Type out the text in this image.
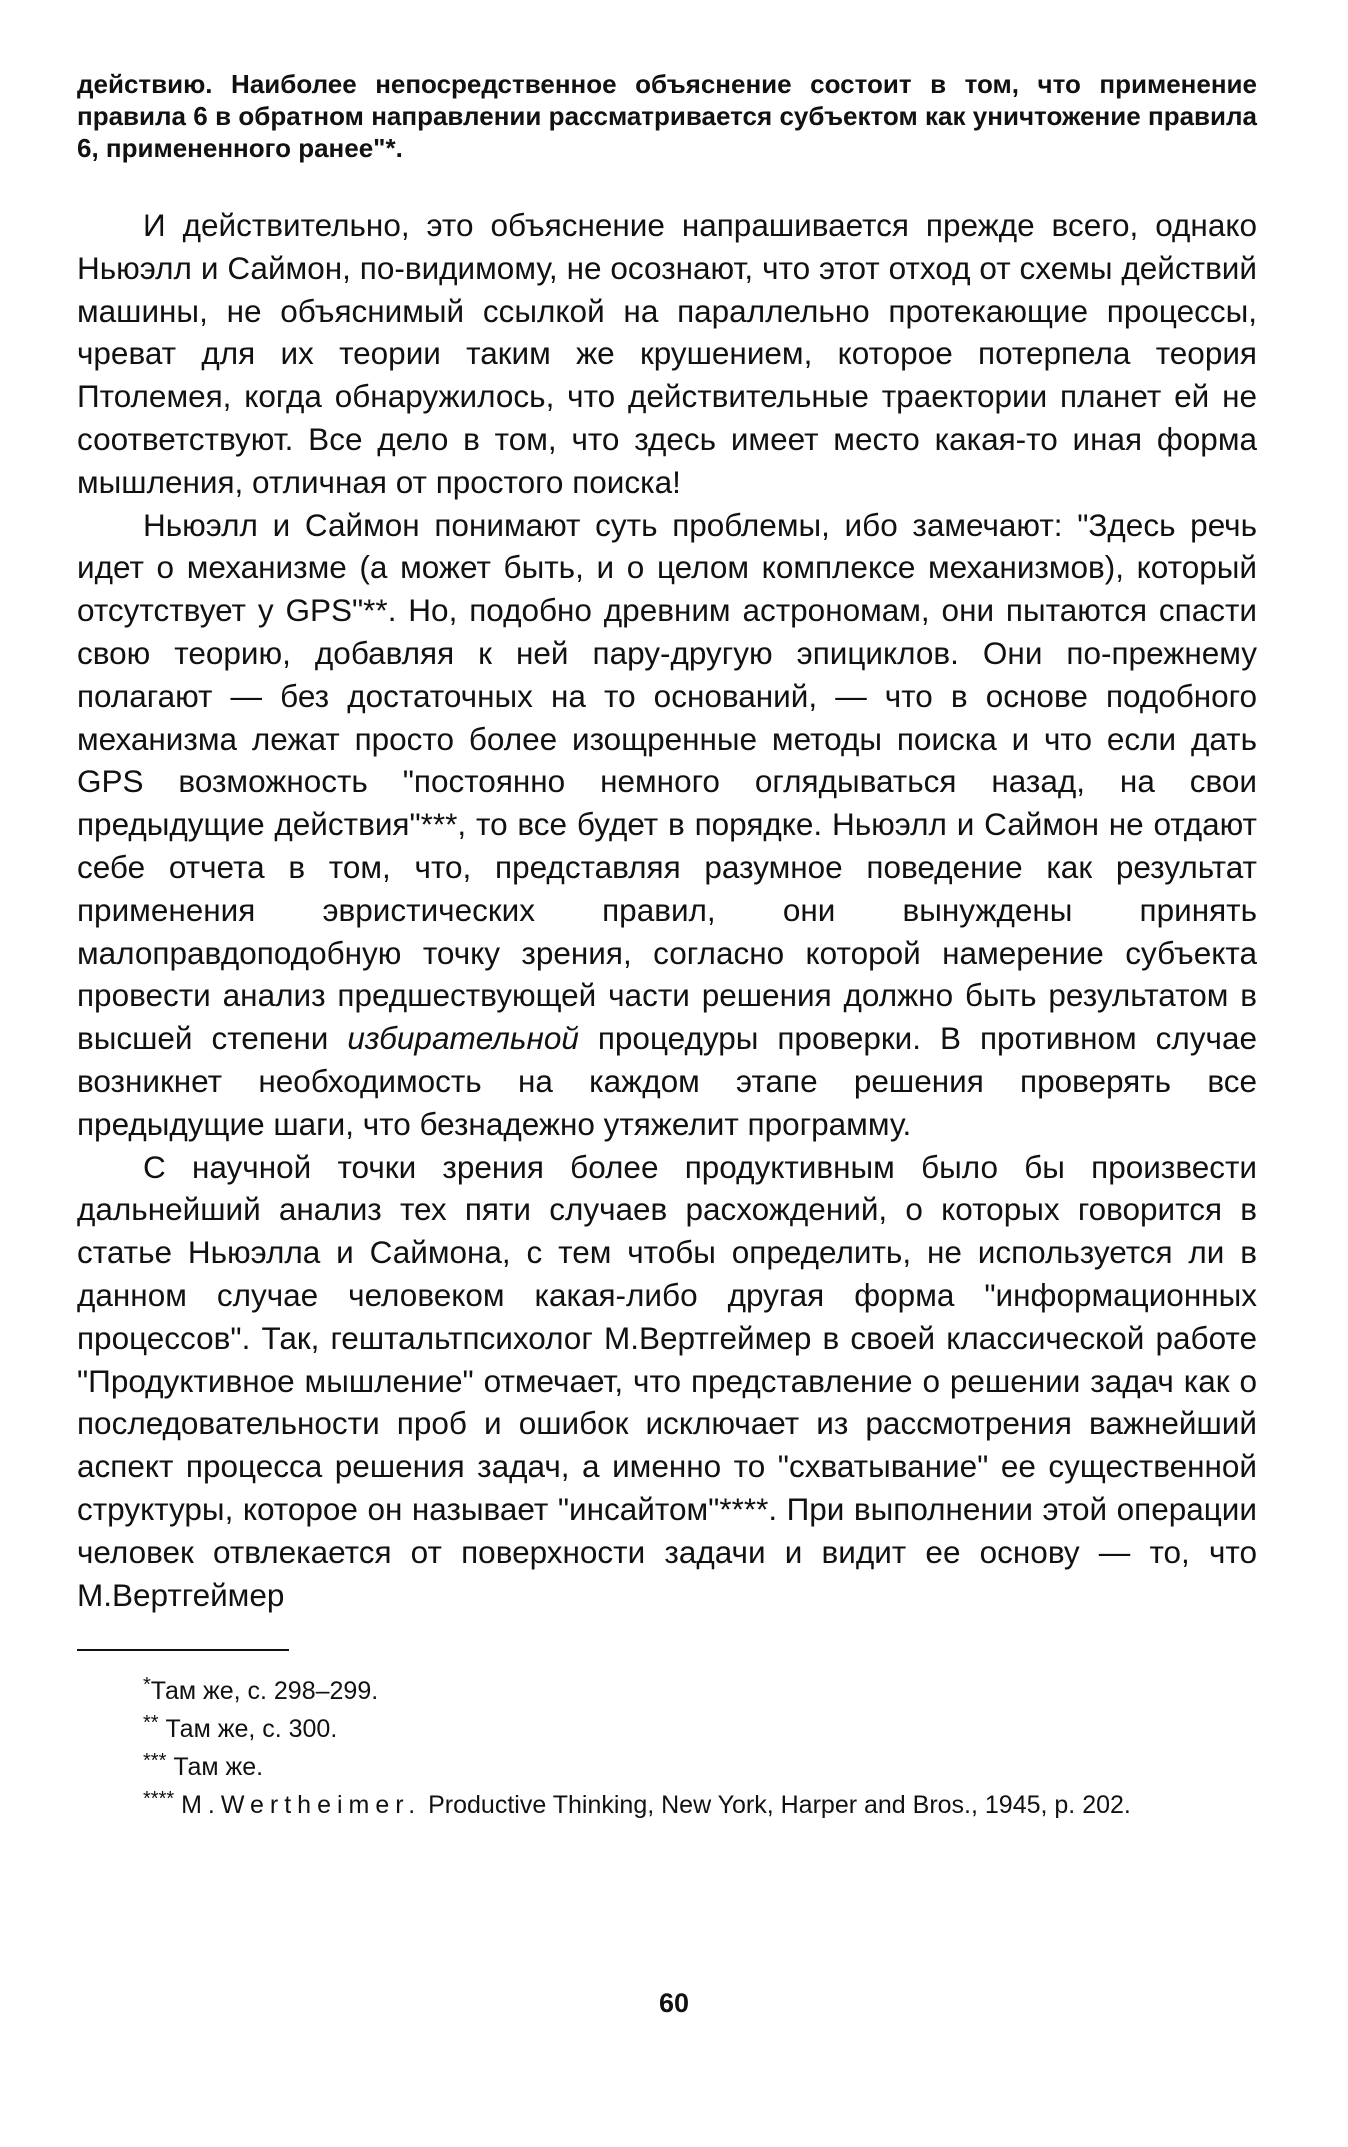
действию. Наиболее непосредственное объяснение состоит в том, что применение правила 6 в обратном направлении рассматривается субъектом как уничтожение правила 6, примененного ранее"*.

И действительно, это объяснение напрашивается прежде всего, однако Ньюэлл и Саймон, по-видимому, не осознают, что этот отход от схемы действий машины, не объяснимый ссылкой на параллельно протекающие процессы, чреват для их теории таким же крушением, которое потерпела теория Птолемея, когда обнаружилось, что действительные траектории планет ей не соответствуют. Все дело в том, что здесь имеет место какая-то иная форма мышления, отличная от простого поиска!

Ньюэлл и Саймон понимают суть проблемы, ибо замечают: "Здесь речь идет о механизме (а может быть, и о целом комплексе механизмов), который отсутствует у GPS"**. Но, подобно древним астрономам, они пытаются спасти свою теорию, добавляя к ней пару-другую эпициклов. Они по-прежнему полагают — без достаточных на то оснований, — что в основе подобного механизма лежат просто более изощренные методы поиска и что если дать GPS возможность "постоянно немного оглядываться назад, на свои предыдущие действия"***, то все будет в порядке. Ньюэлл и Саймон не отдают себе отчета в том, что, представляя разумное поведение как результат применения эвристических правил, они вынуждены принять малоправдоподобную точку зрения, согласно которой намерение субъекта провести анализ предшествующей части решения должно быть результатом в высшей степени избирательной процедуры проверки. В противном случае возникнет необходимость на каждом этапе решения проверять все предыдущие шаги, что безнадежно утяжелит программу.

С научной точки зрения более продуктивным было бы произвести дальнейший анализ тех пяти случаев расхождений, о которых говорится в статье Ньюэлла и Саймона, с тем чтобы определить, не используется ли в данном случае человеком какая-либо другая форма "информационных процессов". Так, гештальтпсихолог М.Вертгеймер в своей классической работе "Продуктивное мышление" отмечает, что представление о решении задач как о последовательности проб и ошибок исключает из рассмотрения важнейший аспект процесса решения задач, а именно то "схватывание" ее существенной структуры, которое он называет "инсайтом"****. При выполнении этой операции человек отвлекается от поверхности задачи и видит ее основу — то, что М.Вертгеймер

*Там же, с. 298–299.

** Там же, с. 300.

*** Там же.

**** M.Wertheimer. Productive Thinking, New York, Harper and Bros., 1945, p. 202.

60
